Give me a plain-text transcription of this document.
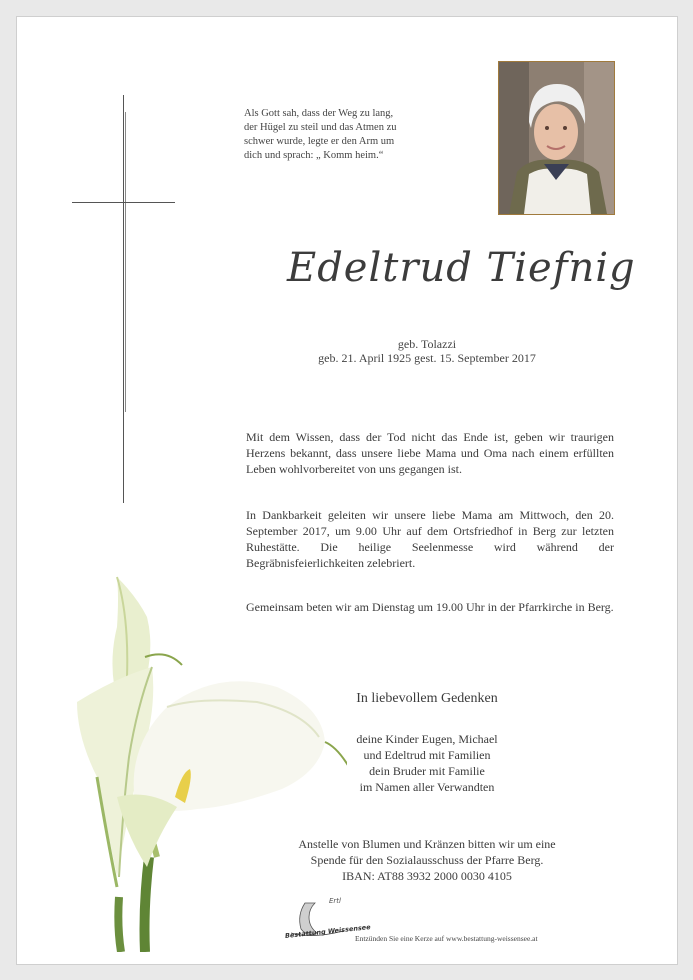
Als Gott sah, dass der Weg zu lang,
der Hügel zu steil und das Atmen zu
schwer wurde, legte er den Arm um
dich und sprach: „ Komm heim.“
Edeltrud Tiefnig
geb. Tolazzi
geb. 21. April 1925 gest. 15. September 2017
Mit dem Wissen, dass der Tod nicht das Ende ist, geben wir traurigen Herzens bekannt, dass unsere liebe Mama und Oma nach einem erfüllten Leben wohlvorbereitet von uns gegangen ist.
In Dankbarkeit geleiten wir unsere liebe Mama am Mittwoch, den 20. September 2017, um 9.00 Uhr auf dem Ortsfriedhof in Berg zur letzten Ruhestätte. Die heilige Seelenmesse wird während der Begräbnisfeierlichkeiten zelebriert.
Gemeinsam beten wir am Dienstag um 19.00 Uhr in der Pfarrkirche in Berg.
In liebevollem Gedenken
deine Kinder Eugen, Michael
und Edeltrud mit Familien
dein Bruder mit Familie
im Namen aller Verwandten
Anstelle von Blumen und Kränzen bitten wir um eine
Spende für den Sozialausschuss der Pfarre Berg.
IBAN: AT88 3932 2000 0030 4105
Ertl
Bestattung Weissensee
Entzünden Sie eine Kerze auf www.bestattung-weissensee.at
